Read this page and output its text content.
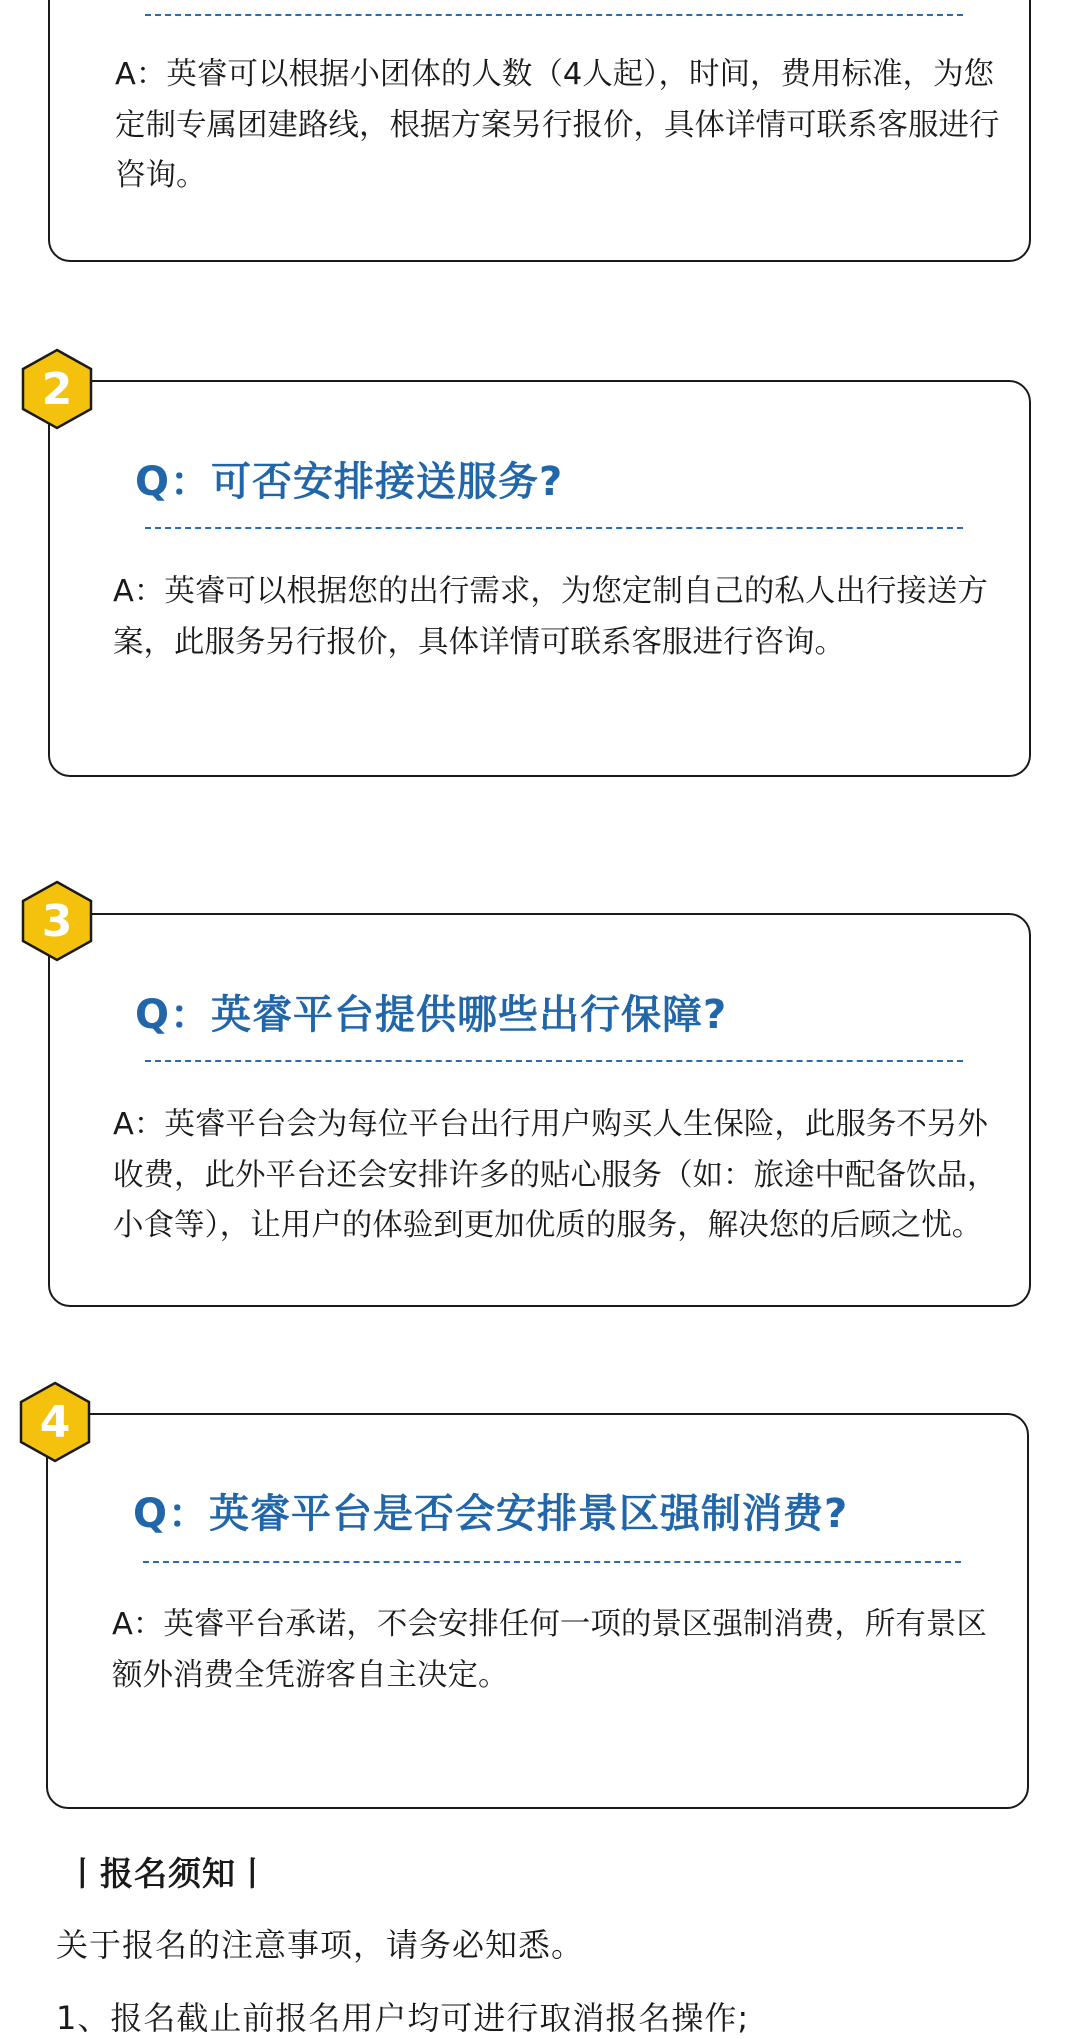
A：英睿可以根据小团体的人数（4人起），时间，费用标准，为您定制专属团建路线，根据方案另行报价，具体详情可联系客服进行咨询。

Q：可否安排接送服务?

A：英睿可以根据您的出行需求，为您定制自己的私人出行接送方案，此服务另行报价，具体详情可联系客服进行咨询。

2
Q：英睿平台提供哪些出行保障?

A：英睿平台会为每位平台出行用户购买人生保险，此服务不另外收费，此外平台还会安排许多的贴心服务（如：旅途中配备饮品，小食等），让用户的体验到更加优质的服务，解决您的后顾之忧。

3
Q：英睿平台是否会安排景区强制消费?

A：英睿平台承诺，不会安排任何一项的景区强制消费，所有景区额外消费全凭游客自主决定。

4
丨报名须知丨
关于报名的注意事项，请务必知悉。
1、报名截止前报名用户均可进行取消报名操作;
